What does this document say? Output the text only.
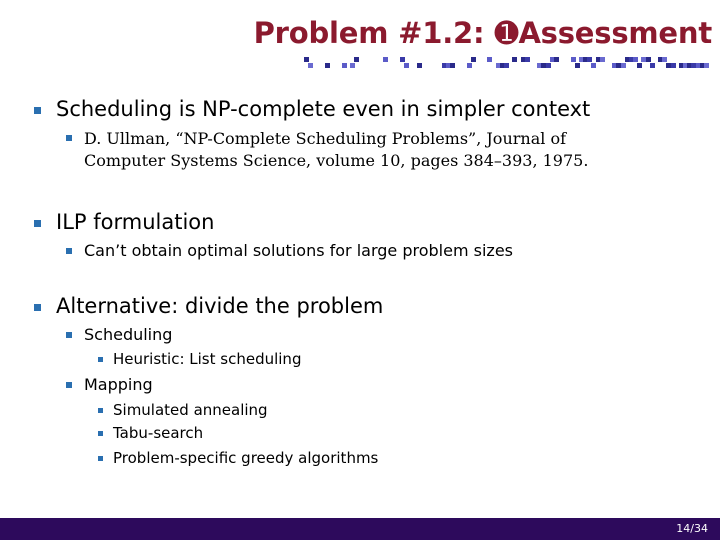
Problem #1.2: ➊Assessment
Scheduling is NP-complete even in simpler context
D. Ullman, “NP-Complete Scheduling Problems”, Journal of
Computer Systems Science, volume 10, pages 384–393, 1975.
ILP formulation
Can’t obtain optimal solutions for large problem sizes
Alternative: divide the problem
Scheduling
Heuristic: List scheduling
Mapping
Simulated annealing
Tabu-search
Problem-specific greedy algorithms
14/34
